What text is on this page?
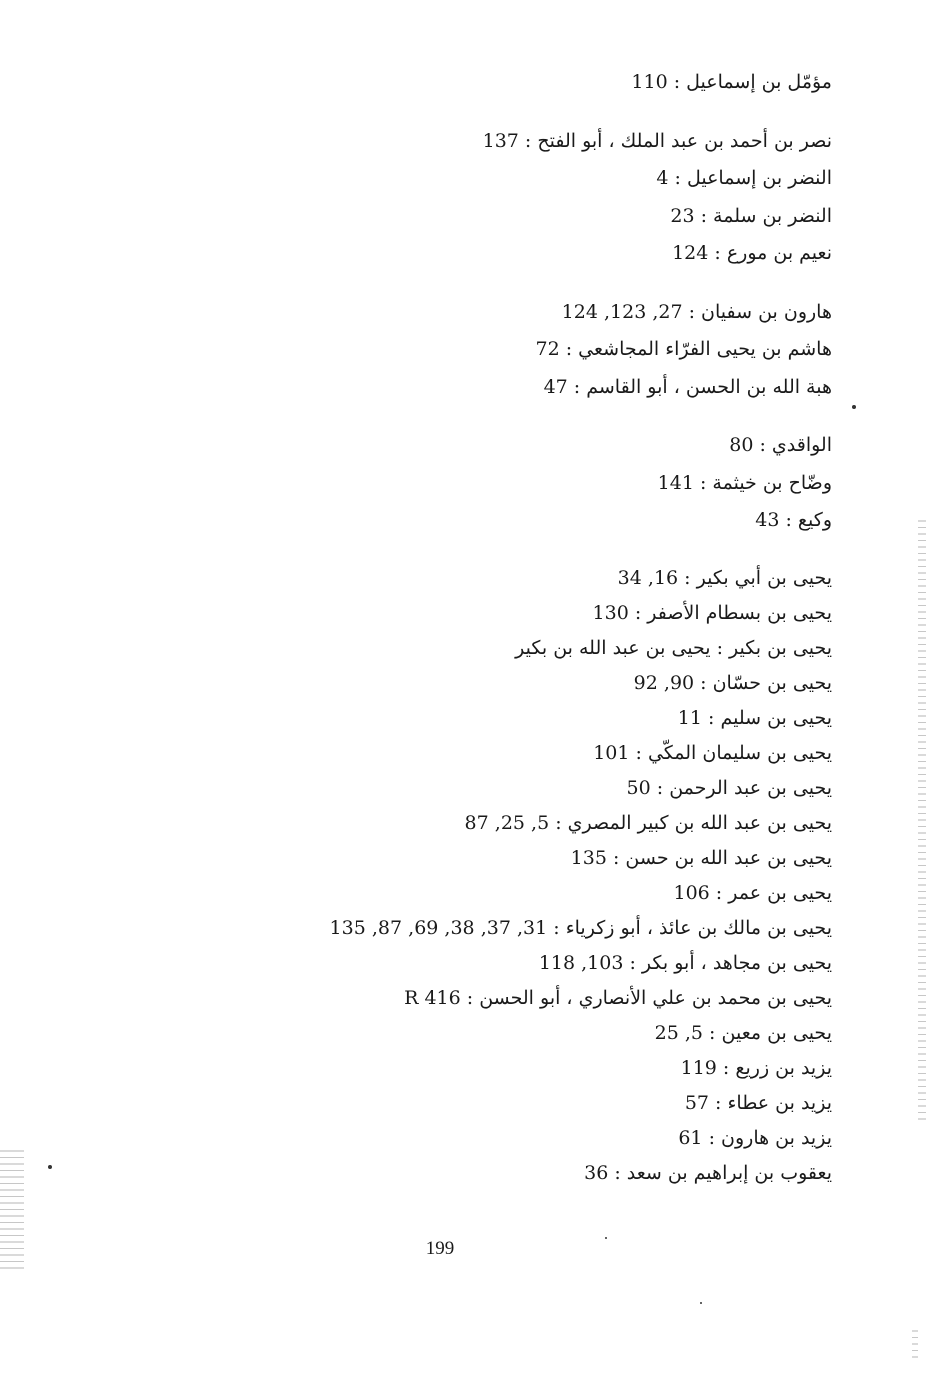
مؤمّل بن إسماعيل : 110
نصر بن أحمد بن عبد الملك ، أبو الفتح : 137
النضر بن إسماعيل : 4
النضر بن سلمة : 23
نعيم بن مورع : 124
هارون بن سفيان : 27, 123, 124
هاشم بن يحيى الفرّاء المجاشعي : 72
هبة الله بن الحسن ، أبو القاسم : 47
الواقدي : 80
وضّاح بن خيثمة : 141
وكيع : 43
يحيى بن أبي بكير : 16, 34
يحيى بن بسطام الأصفر : 130
يحيى بن بكير : يحيى بن عبد الله بن بكير
يحيى بن حسّان : 90, 92
يحيى بن سليم : 11
يحيى بن سليمان المكّي : 101
يحيى بن عبد الرحمن : 50
يحيى بن عبد الله بن كبير المصري : 5, 25, 87
يحيى بن عبد الله بن حسن : 135
يحيى بن عمر : 106
يحيى بن مالك بن عائذ ، أبو زكرياء : 31, 37, 38, 69, 87, 135
يحيى بن مجاهد ، أبو بكر : 103, 118
يحيى بن محمد بن علي الأنصاري ، أبو الحسن : 416 R
يحيى بن معين : 5, 25
يزيد بن زريع : 119
يزيد بن عطاء : 57
يزيد بن هارون : 61
يعقوب بن إبراهيم بن سعد : 36
199
